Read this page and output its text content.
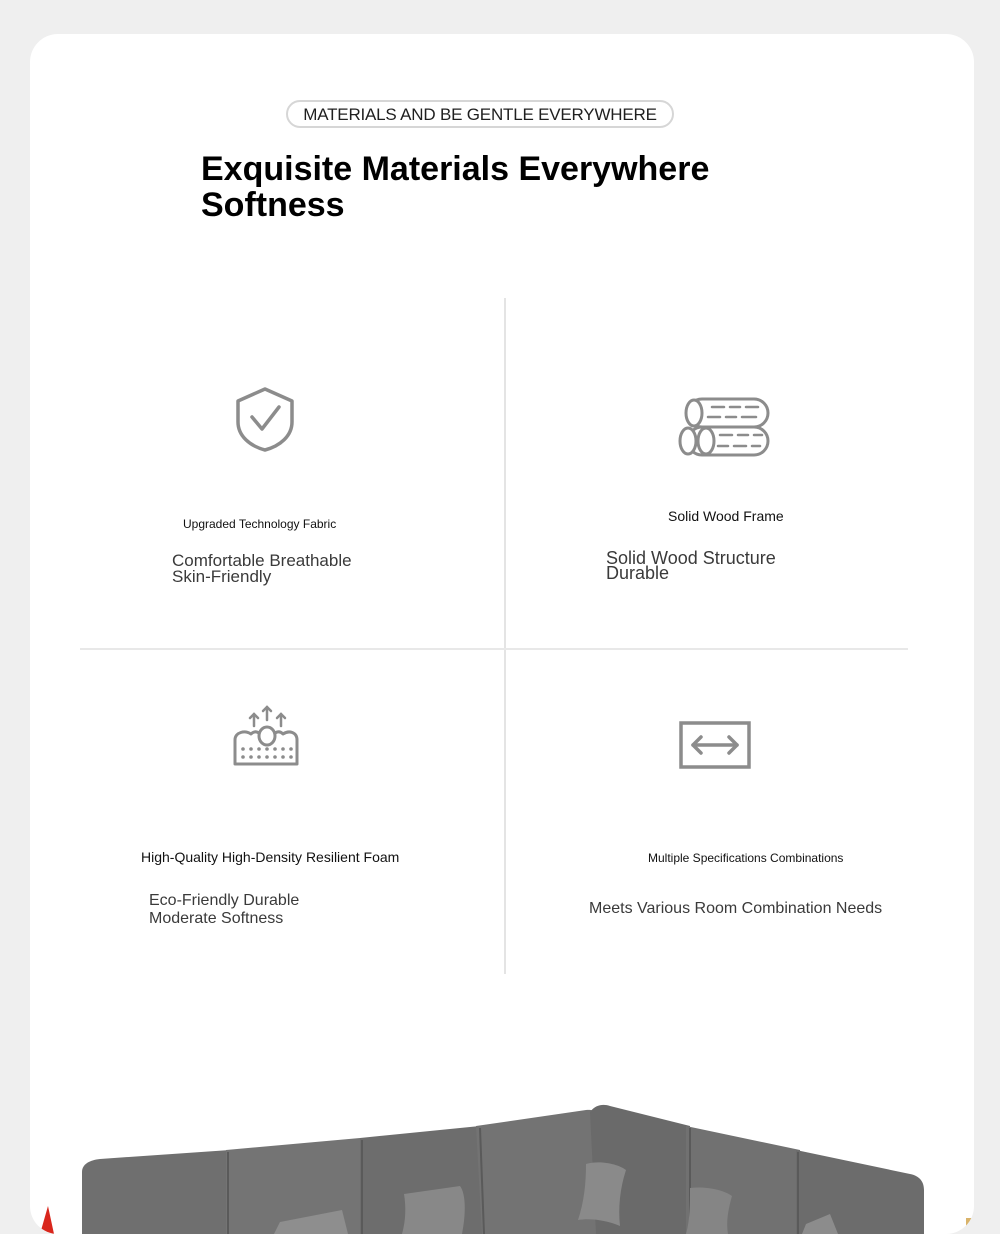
MATERIALS AND BE GENTLE EVERYWHERE
Exquisite Materials Everywhere
Softness
Upgraded Technology Fabric
Comfortable Breathable
Skin-Friendly
Solid Wood Frame
Solid Wood Structure
Durable
High-Quality High-Density Resilient Foam
Eco-Friendly Durable
Moderate Softness
Multiple Specifications Combinations
Meets Various Room Combination Needs
